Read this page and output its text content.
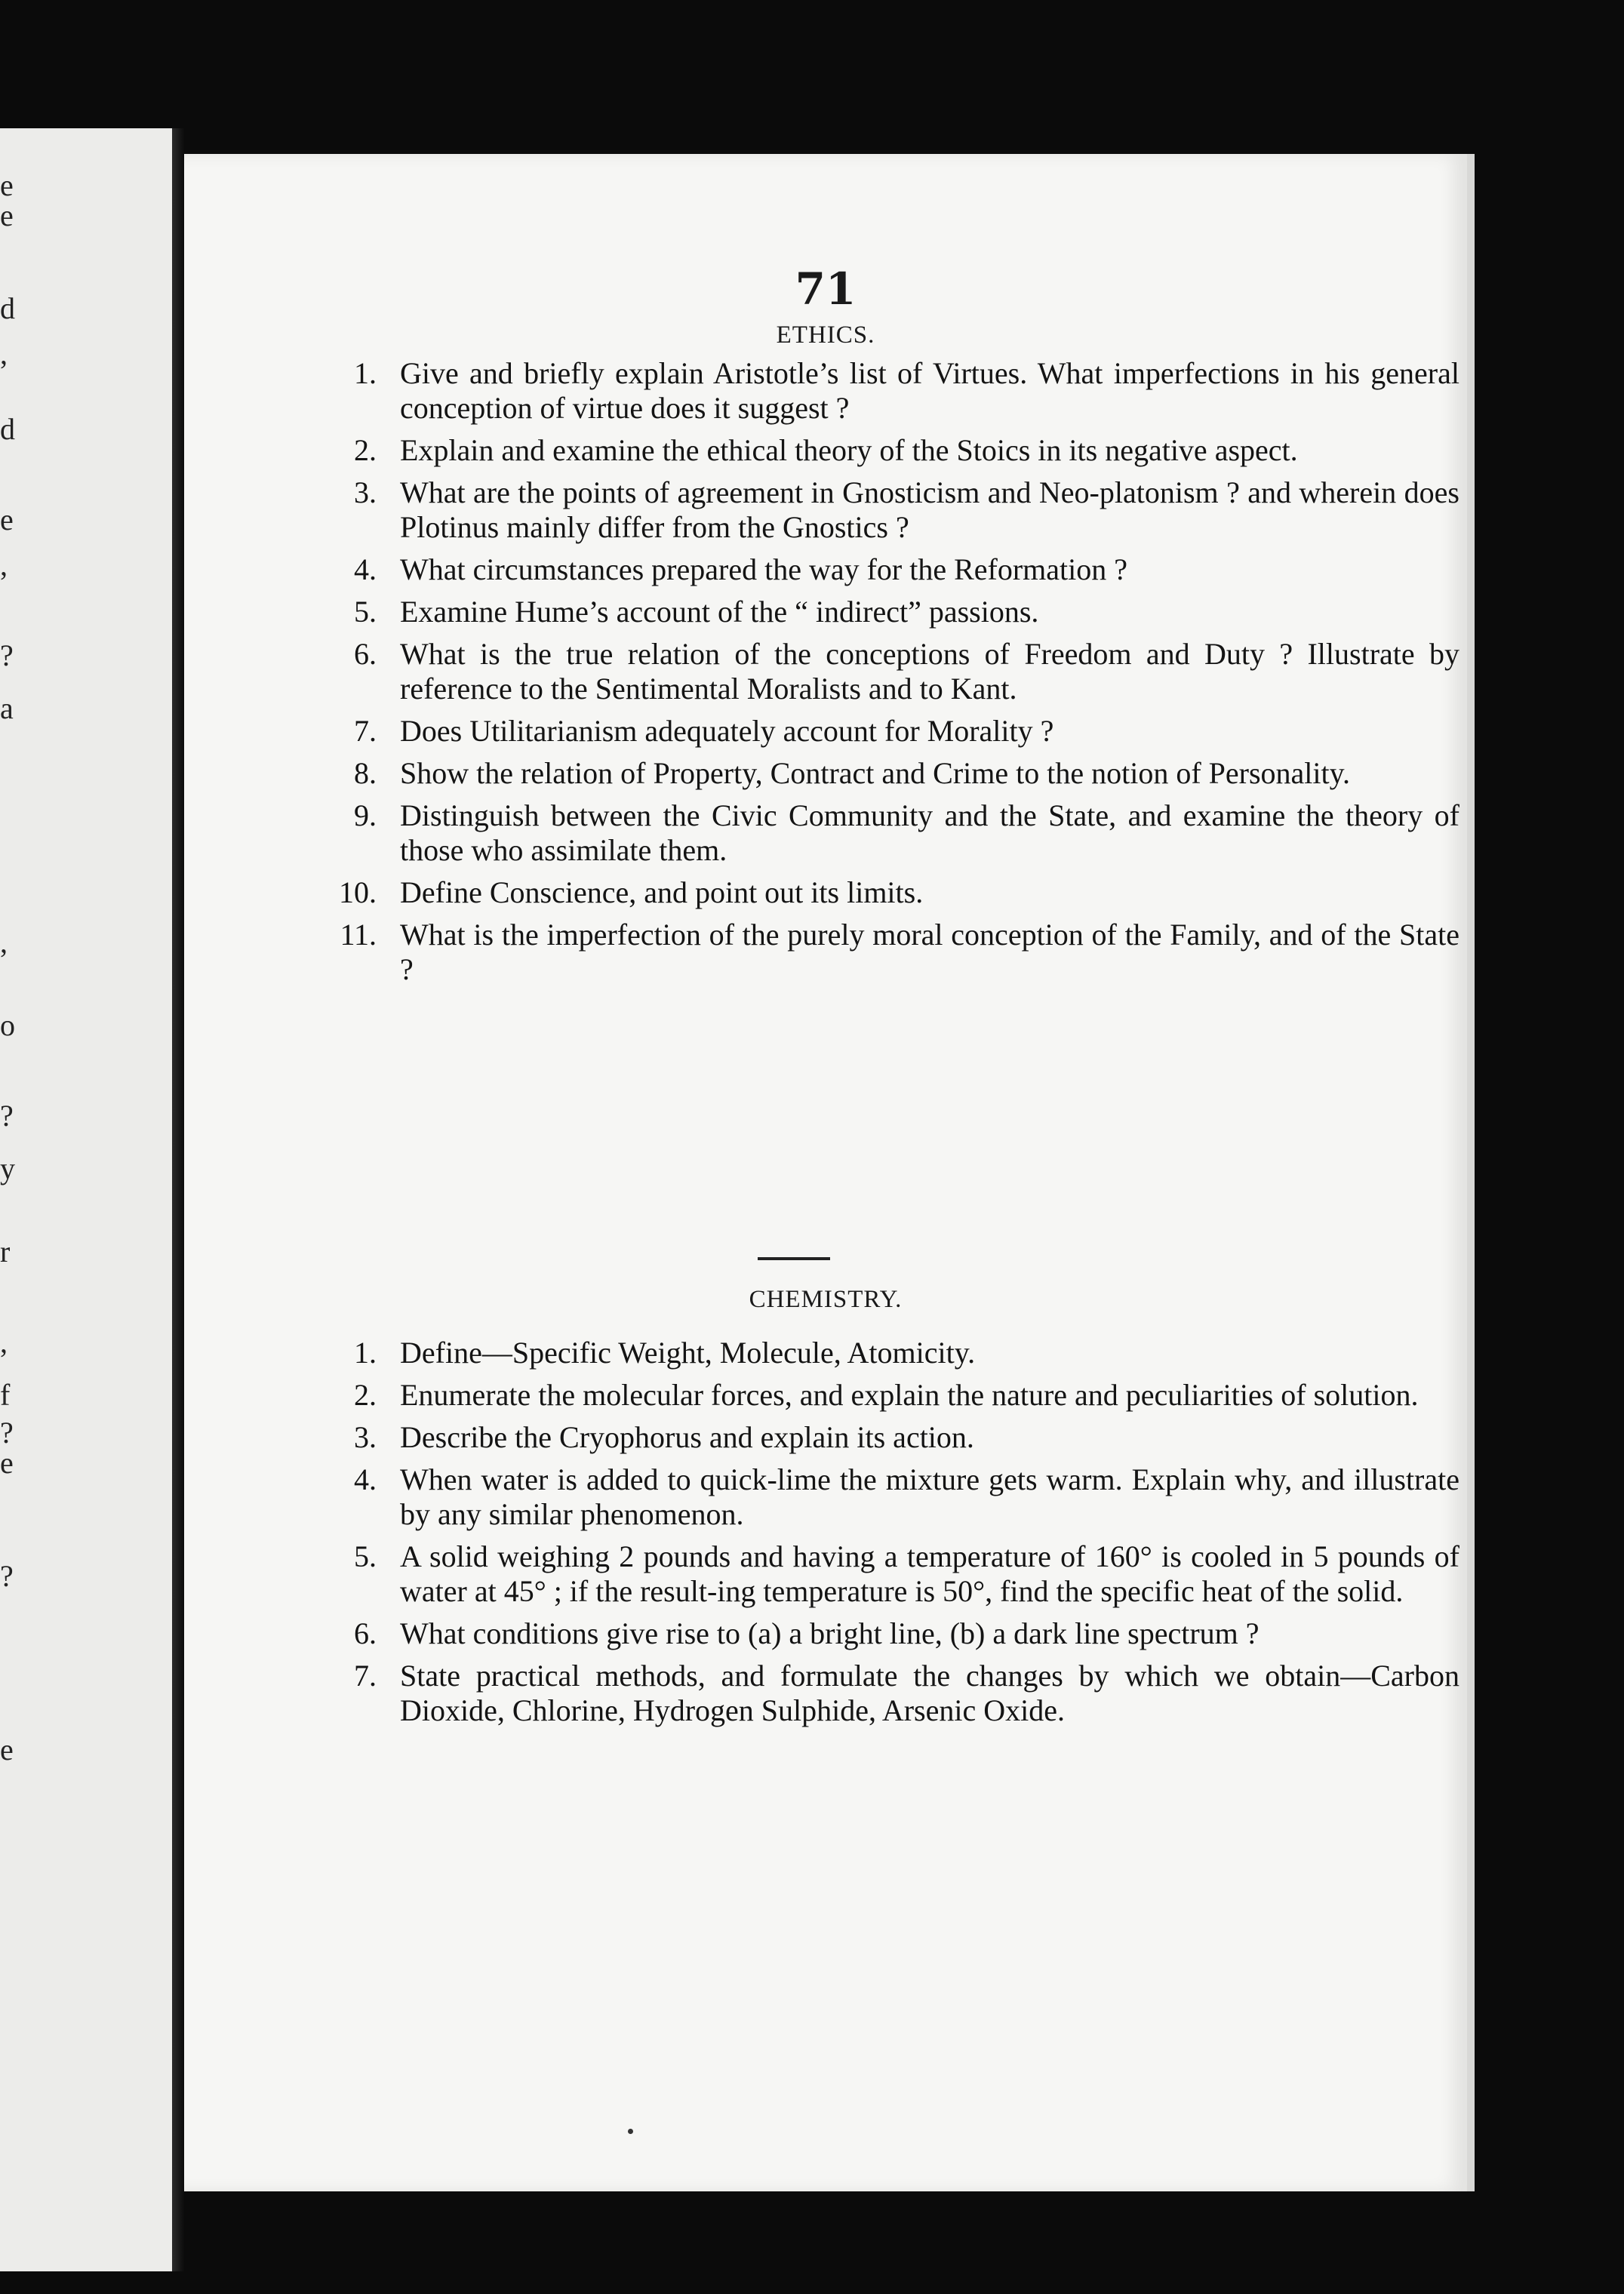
e
e
d
,
d
e
,
?
a
,
o
?
y
r
,
f
?
e
?
e
71
ETHICS.
1. Give and briefly explain Aristotle’s list of Virtues. What imperfections in his general conception of virtue does it suggest ?
2. Explain and examine the ethical theory of the Stoics in its negative aspect.
3. What are the points of agreement in Gnosticism and Neo-platonism ? and wherein does Plotinus mainly differ from the Gnostics ?
4. What circumstances prepared the way for the Reformation ?
5. Examine Hume’s account of the “ indirect” passions.
6. What is the true relation of the conceptions of Freedom and Duty ? Illustrate by reference to the Sentimental Moralists and to Kant.
7. Does Utilitarianism adequately account for Morality ?
8. Show the relation of Property, Contract and Crime to the notion of Personality.
9. Distinguish between the Civic Community and the State, and examine the theory of those who assimilate them.
10. Define Conscience, and point out its limits.
11. What is the imperfection of the purely moral conception of the Family, and of the State ?
CHEMISTRY.
1. Define—Specific Weight, Molecule, Atomicity.
2. Enumerate the molecular forces, and explain the nature and peculiarities of solution.
3. Describe the Cryophorus and explain its action.
4. When water is added to quick-lime the mixture gets warm. Explain why, and illustrate by any similar phenomenon.
5. A solid weighing 2 pounds and having a temperature of 160° is cooled in 5 pounds of water at 45° ; if the result-ing temperature is 50°, find the specific heat of the solid.
6. What conditions give rise to (a) a bright line, (b) a dark line spectrum ?
7. State practical methods, and formulate the changes by which we obtain—Carbon Dioxide, Chlorine, Hydrogen Sulphide, Arsenic Oxide.
